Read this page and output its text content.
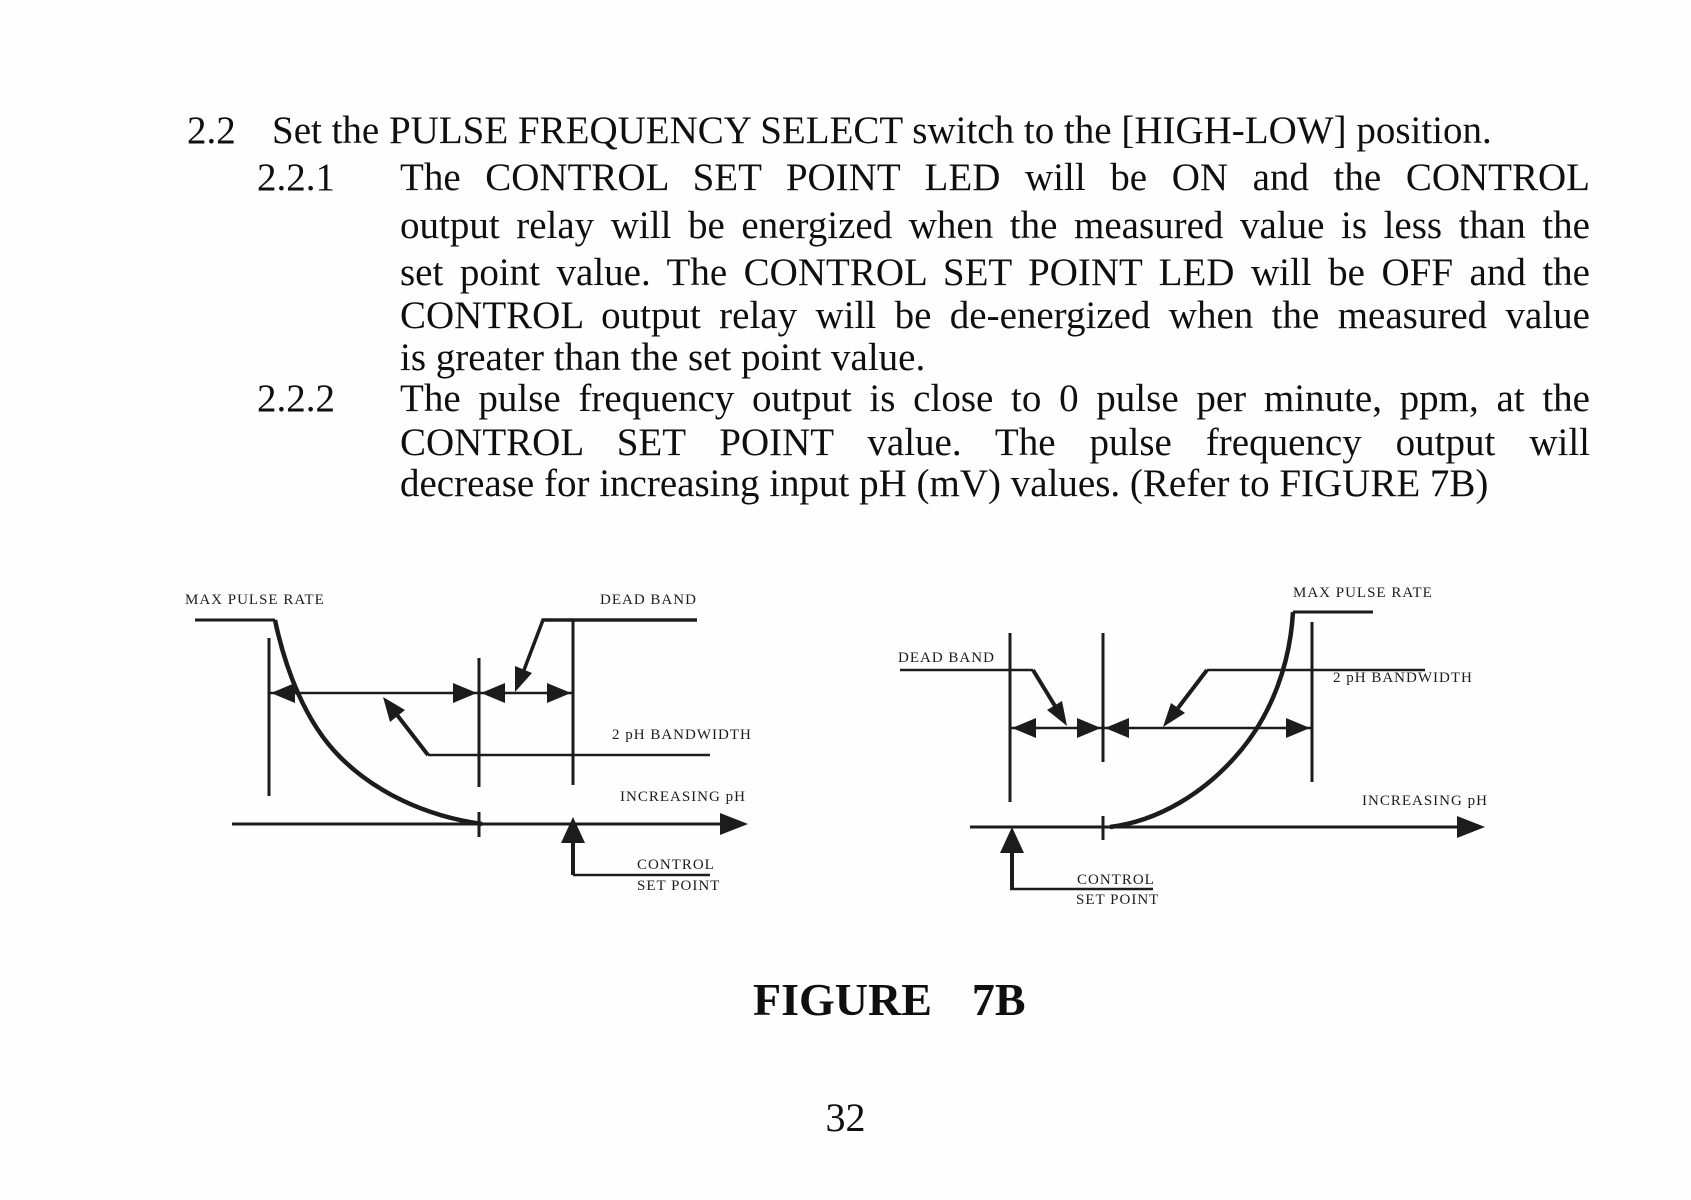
2.2 Set the PULSE FREQUENCY SELECT switch to the [HIGH-LOW] position.
2.2.1 The CONTROL SET POINT LED will be ON and the CONTROL
output relay will be energized when the measured value is less than the
set point value. The CONTROL SET POINT LED will be OFF and the
CONTROL output relay will be de-energized when the measured value
is greater than the set point value.
2.2.2 The pulse frequency output is close to 0 pulse per minute, ppm, at the
CONTROL SET POINT value. The pulse frequency output will
decrease for increasing input pH (mV) values. (Refer to FIGURE 7B)
MAX PULSE RATE	DEAD BAND
2 pH BANDWIDTH
INCREASING pH
CONTROL
SET POINT
DEAD BAND
MAX PULSE RATE
2 pH BANDWIDTH
INCREASING pH
CONTROL
SET POINT
FIGURE 7B
32
